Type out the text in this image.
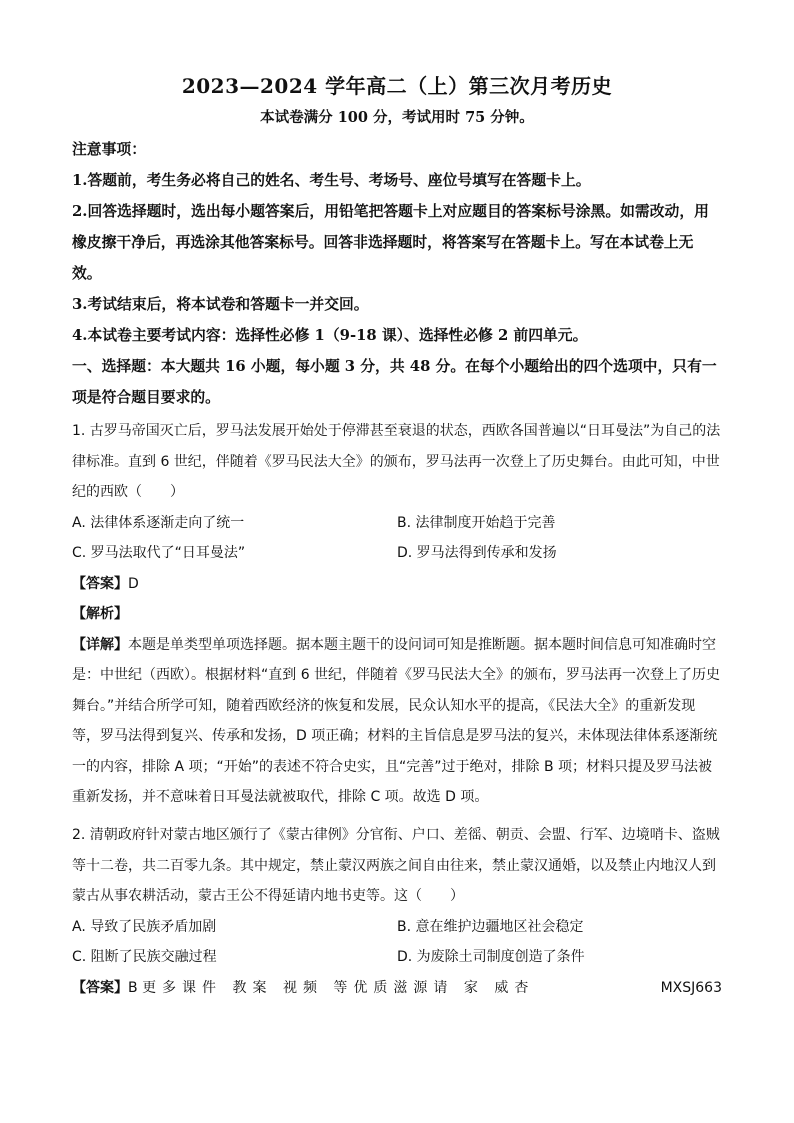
2023—2024 学年高二（上）第三次月考历史
本试卷满分 100 分，考试用时 75 分钟。

注意事项：

1.答题前，考生务必将自己的姓名、考生号、考场号、座位号填写在答题卡上。

2.回答选择题时，选出每小题答案后，用铅笔把答题卡上对应题目的答案标号涂黑。如需改动，用橡皮擦干净后，再选涂其他答案标号。回答非选择题时，将答案写在答题卡上。写在本试卷上无效。

3.考试结束后，将本试卷和答题卡一并交回。

4.本试卷主要考试内容：选择性必修 1（9-18 课）、选择性必修 2 前四单元。

一、选择题：本大题共 16 小题，每小题 3 分，共 48 分。在每个小题给出的四个选项中，只有一项是符合题目要求的。

1. 古罗马帝国灭亡后，罗马法发展开始处于停滞甚至衰退的状态，西欧各国普遍以“日耳曼法”为自己的法律标准。直到 6 世纪，伴随着《罗马民法大全》的颁布，罗马法再一次登上了历史舞台。由此可知，中世纪的西欧（　　）

A. 法律体系逐渐走向了统一	B. 法律制度开始趋于完善
C. 罗马法取代了“日耳曼法”	D. 罗马法得到传承和发扬

【答案】D

【解析】

【详解】本题是单类型单项选择题。据本题主题干的设问词可知是推断题。据本题时间信息可知准确时空是：中世纪（西欧）。根据材料“直到 6 世纪，伴随着《罗马民法大全》的颁布，罗马法再一次登上了历史舞台。”并结合所学可知，随着西欧经济的恢复和发展，民众认知水平的提高，《民法大全》的重新发现等，罗马法得到复兴、传承和发扬，D 项正确；材料的主旨信息是罗马法的复兴，未体现法律体系逐渐统一的内容，排除 A 项；“开始”的表述不符合史实，且“完善”过于绝对，排除 B 项；材料只提及罗马法被重新发扬，并不意味着日耳曼法就被取代，排除 C 项。故选 D 项。

2. 清朝政府针对蒙古地区颁行了《蒙古律例》分官衔、户口、差徭、朝贡、会盟、行军、边境哨卡、盗贼等十二卷，共二百零九条。其中规定，禁止蒙汉两族之间自由往来，禁止蒙汉通婚，以及禁止内地汉人到蒙古从事农耕活动，蒙古王公不得延请内地书吏等。这（　　）

A. 导致了民族矛盾加剧	B. 意在维护边疆地区社会稳定
C. 阻断了民族交融过程	D. 为废除土司制度创造了条件
【答案】B 更多课件 教案 视频 等优质滋源请 家 威杏	MXSJ663
